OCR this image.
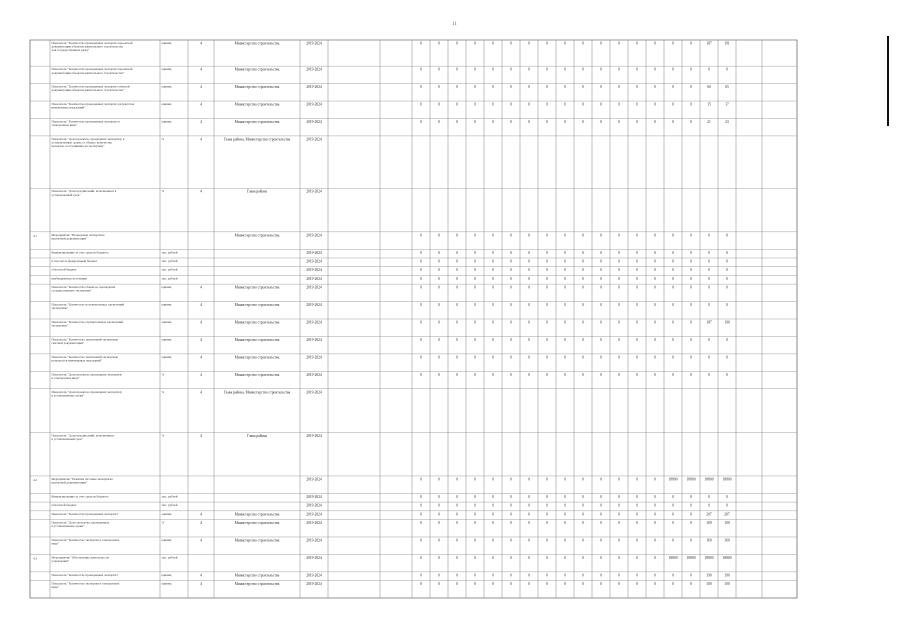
11
Показатель "Количество проведенных экспертиз проектной
документации объектов капитального строительства
для государственных нужд"
единиц	4	Министерство строительства	2019-2024	0	0	0	0	0	0	0	0	0	0	0	0	0	0	0	0	187	191
Показатель "Количество проведенных экспертиз проектной
документации объектов капитального строительства"
единиц	4	Министерство строительства	2019-2024	0	0	0	0	0	0	0	0	0	0	0	0	0	0	0	0	0	0
Показатель "Количество проведенных экспертиз сметной
документации объектов капитального строительства"
единиц	4	Министерство строительства	2019-2024	0	0	0	0	0	0	0	0	0	0	0	0	0	0	0	0	60	65
Показатель "Количество проведенных экспертиз результатов
инженерных изысканий"
единиц	4	Министерство строительства	2019-2024	0	0	0	0	0	0	0	0	0	0	0	0	0	0	0	0	15	17
Показатель "Количество проведенных экспертиз в
электронном виде"
единиц	4	Министерство строительства	2019-2024	0	0	0	0	0	0	0	0	0	0	0	0	0	0	0	0	21	23
Показатель "Доля проектов, прошедших экспертизу в
установленные сроки, от общего количества
проектов, поступивших на экспертизу"
%	4	Глава района, Министерство строительства	2019-2024
Показатель "Доля предписаний, исполненных в
установленный срок"
%	4	Глава района	2019-2024
4.1	Мероприятие "Проведение экспертизы
проектной документации"
Министерство строительства	2019-2024	0	0	0	0	0	0	0	0	0	0	0	0	0	0	0	0	0	0
Финансирование за счет средств бюджета	тыс. рублей	2019-2024	0	0	0	0	0	0	0	0	0	0	0	0	0	0	0	0	0	0
в том числе федеральный бюджет	тыс. рублей	2019-2024	0	0	0	0	0	0	0	0	0	0	0	0	0	0	0	0	0	0
областной бюджет	тыс. рублей	2019-2024	0	0	0	0	0	0	0	0	0	0	0	0	0	0	0	0	0	0
внебюджетные источники	тыс. рублей	2019-2024	0	0	0	0	0	0	0	0	0	0	0	0	0	0	0	0	0	0
Показатель "Количество объектов, прошедших
государственную экспертизу"
единиц	4	Министерство строительства	2019-2024	0	0	0	0	0	0	0	0	0	0	0	0	0	0	0	0	0	0
Показатель "Количество положительных заключений
экспертизы"
единиц	4	Министерство строительства	2019-2024	0	0	0	0	0	0	0	0	0	0	0	0	0	0	0	0	0	0
Показатель "Количество отрицательных заключений
экспертизы"
единиц	4	Министерство строительства	2019-2024	0	0	0	0	0	0	0	0	0	0	0	0	0	0	0	0	187	190
Показатель "Количество заключений экспертизы
сметной документации"
единиц	4	Министерство строительства	2019-2024	0	0	0	0	0	0	0	0	0	0	0	0	0	0	0	0	0	0
Показатель "Количество заключений экспертизы
результатов инженерных изысканий"
единиц	4	Министерство строительства	2019-2024	0	0	0	0	0	0	0	0	0	0	0	0	0	0	0	0	0	0
Показатель "Доля проектов, прошедших экспертизу
в электронном виде"
%	4	Министерство строительства	2019-2024	0	0	0	0	0	0	0	0	0	0	0	0	0	0	0	0	0	0
Показатель "Доля проектов, прошедших экспертизу
в установленные сроки"
%	4	Глава района, Министерство строительства	2019-2024
Показатель "Доля предписаний, исполненных
в установленный срок"
%	4	Глава района	2019-2024
4.2	Мероприятие "Развитие системы экспертизы
проектной документации"
2019-2024	0	0	0	0	0	0	0	0	0	0	0	0	0	0	18800	18800	18800	18800
Финансирование за счет средств бюджета	тыс. рублей	2019-2024	0	0	0	0	0	0	0	0	0	0	0	0	0	0	0	0	0	0
областной бюджет	тыс. рублей	2019-2024	0	0	0	0	0	0	0	0	0	0	0	0	0	0	0	0	0	0
Показатель "Количество проведенных экспертиз"	единиц	4	Министерство строительства	2019-2024	0	0	0	0	0	0	0	0	0	0	0	0	0	0	0	0	207	207
Показатель "Доля экспертиз, проведенных
в установленные сроки"
%	4	Министерство строительства	2019-2024	0	0	0	0	0	0	0	0	0	0	0	0	0	0	0	0	100	100
Показатель "Количество экспертиз в электронном
виде"
единиц	4	Министерство строительства	2019-2024	0	0	0	0	0	0	0	0	0	0	0	0	0	0	0	0	160	160
4.3	Мероприятие "Обеспечение деятельности
учреждения"
тыс. рублей	2019-2024	0	0	0	0	0	0	0	0	0	0	0	0	0	0	18800	18800	18800	18800
Показатель "Количество проведенных экспертиз"	единиц	4	Министерство строительства	2019-2024	0	0	0	0	0	0	0	0	0	0	0	0	0	0	0	0	190	190
Показатель "Количество экспертиз в электронном
виде"
единиц	4	Министерство строительства	2019-2024	0	0	0	0	0	0	0	0	0	0	0	0	0	0	0	0	100	100
